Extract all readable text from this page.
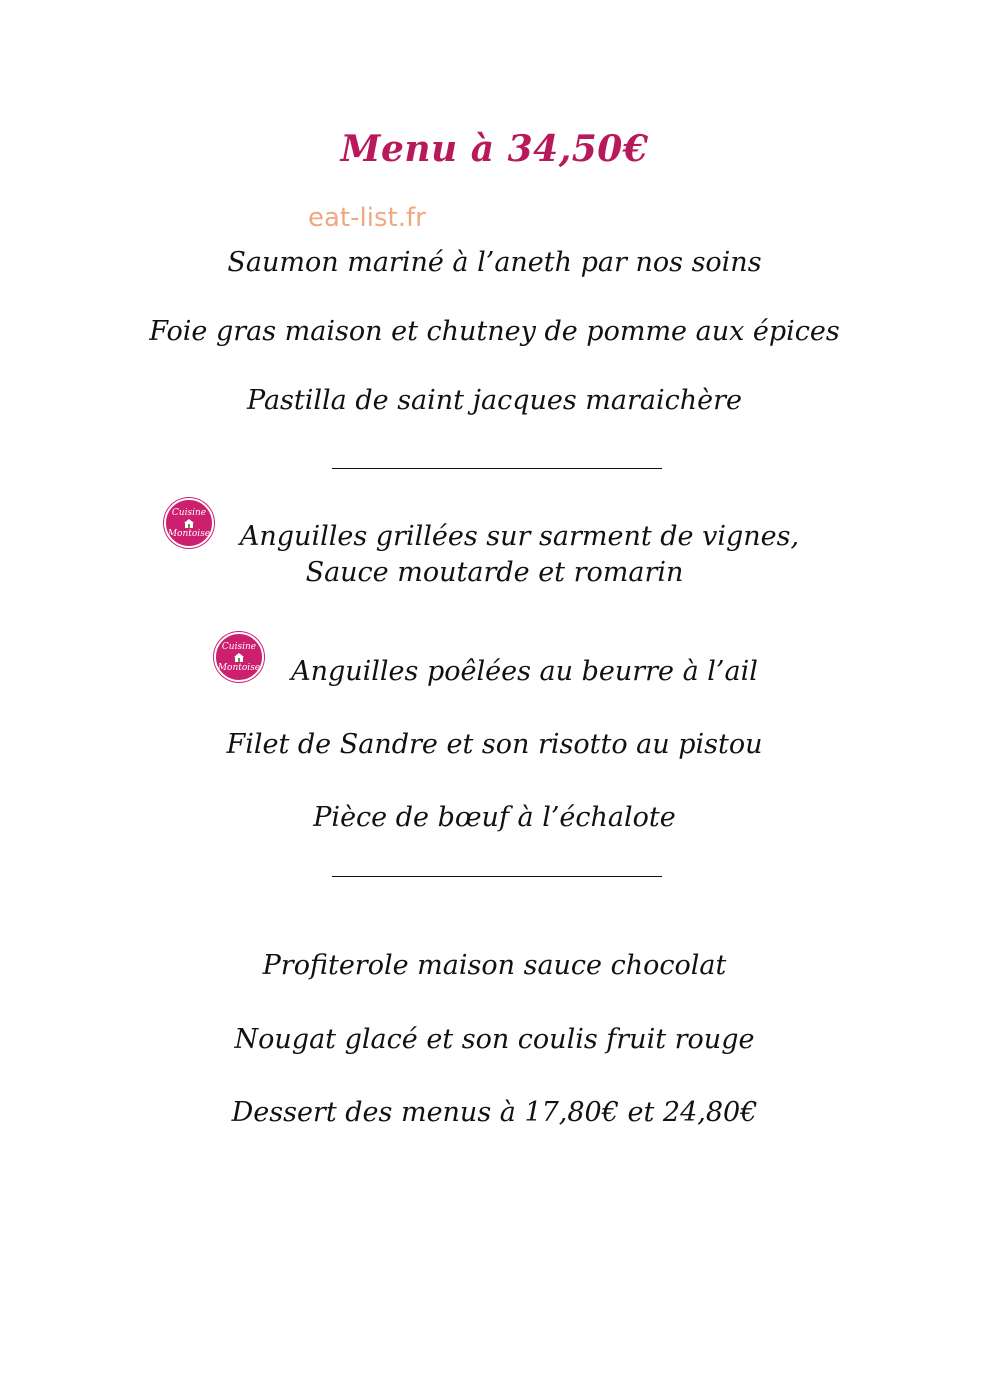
Menu à 34,50€
eat-list.fr
Saumon mariné à l’aneth par nos soins
Foie gras maison et chutney de pomme aux épices
Pastilla de saint jacques maraichère
Cuisine
Montoise	Anguilles grillées sur sarment de vignes,
Sauce moutarde et romarin
Cuisine
Montoise	Anguilles poêlées au beurre à l’ail
Filet de Sandre et son risotto au pistou
Pièce de bœuf à l’échalote
Profiterole maison sauce chocolat
Nougat glacé et son coulis fruit rouge
Dessert des menus à 17,80€ et 24,80€
